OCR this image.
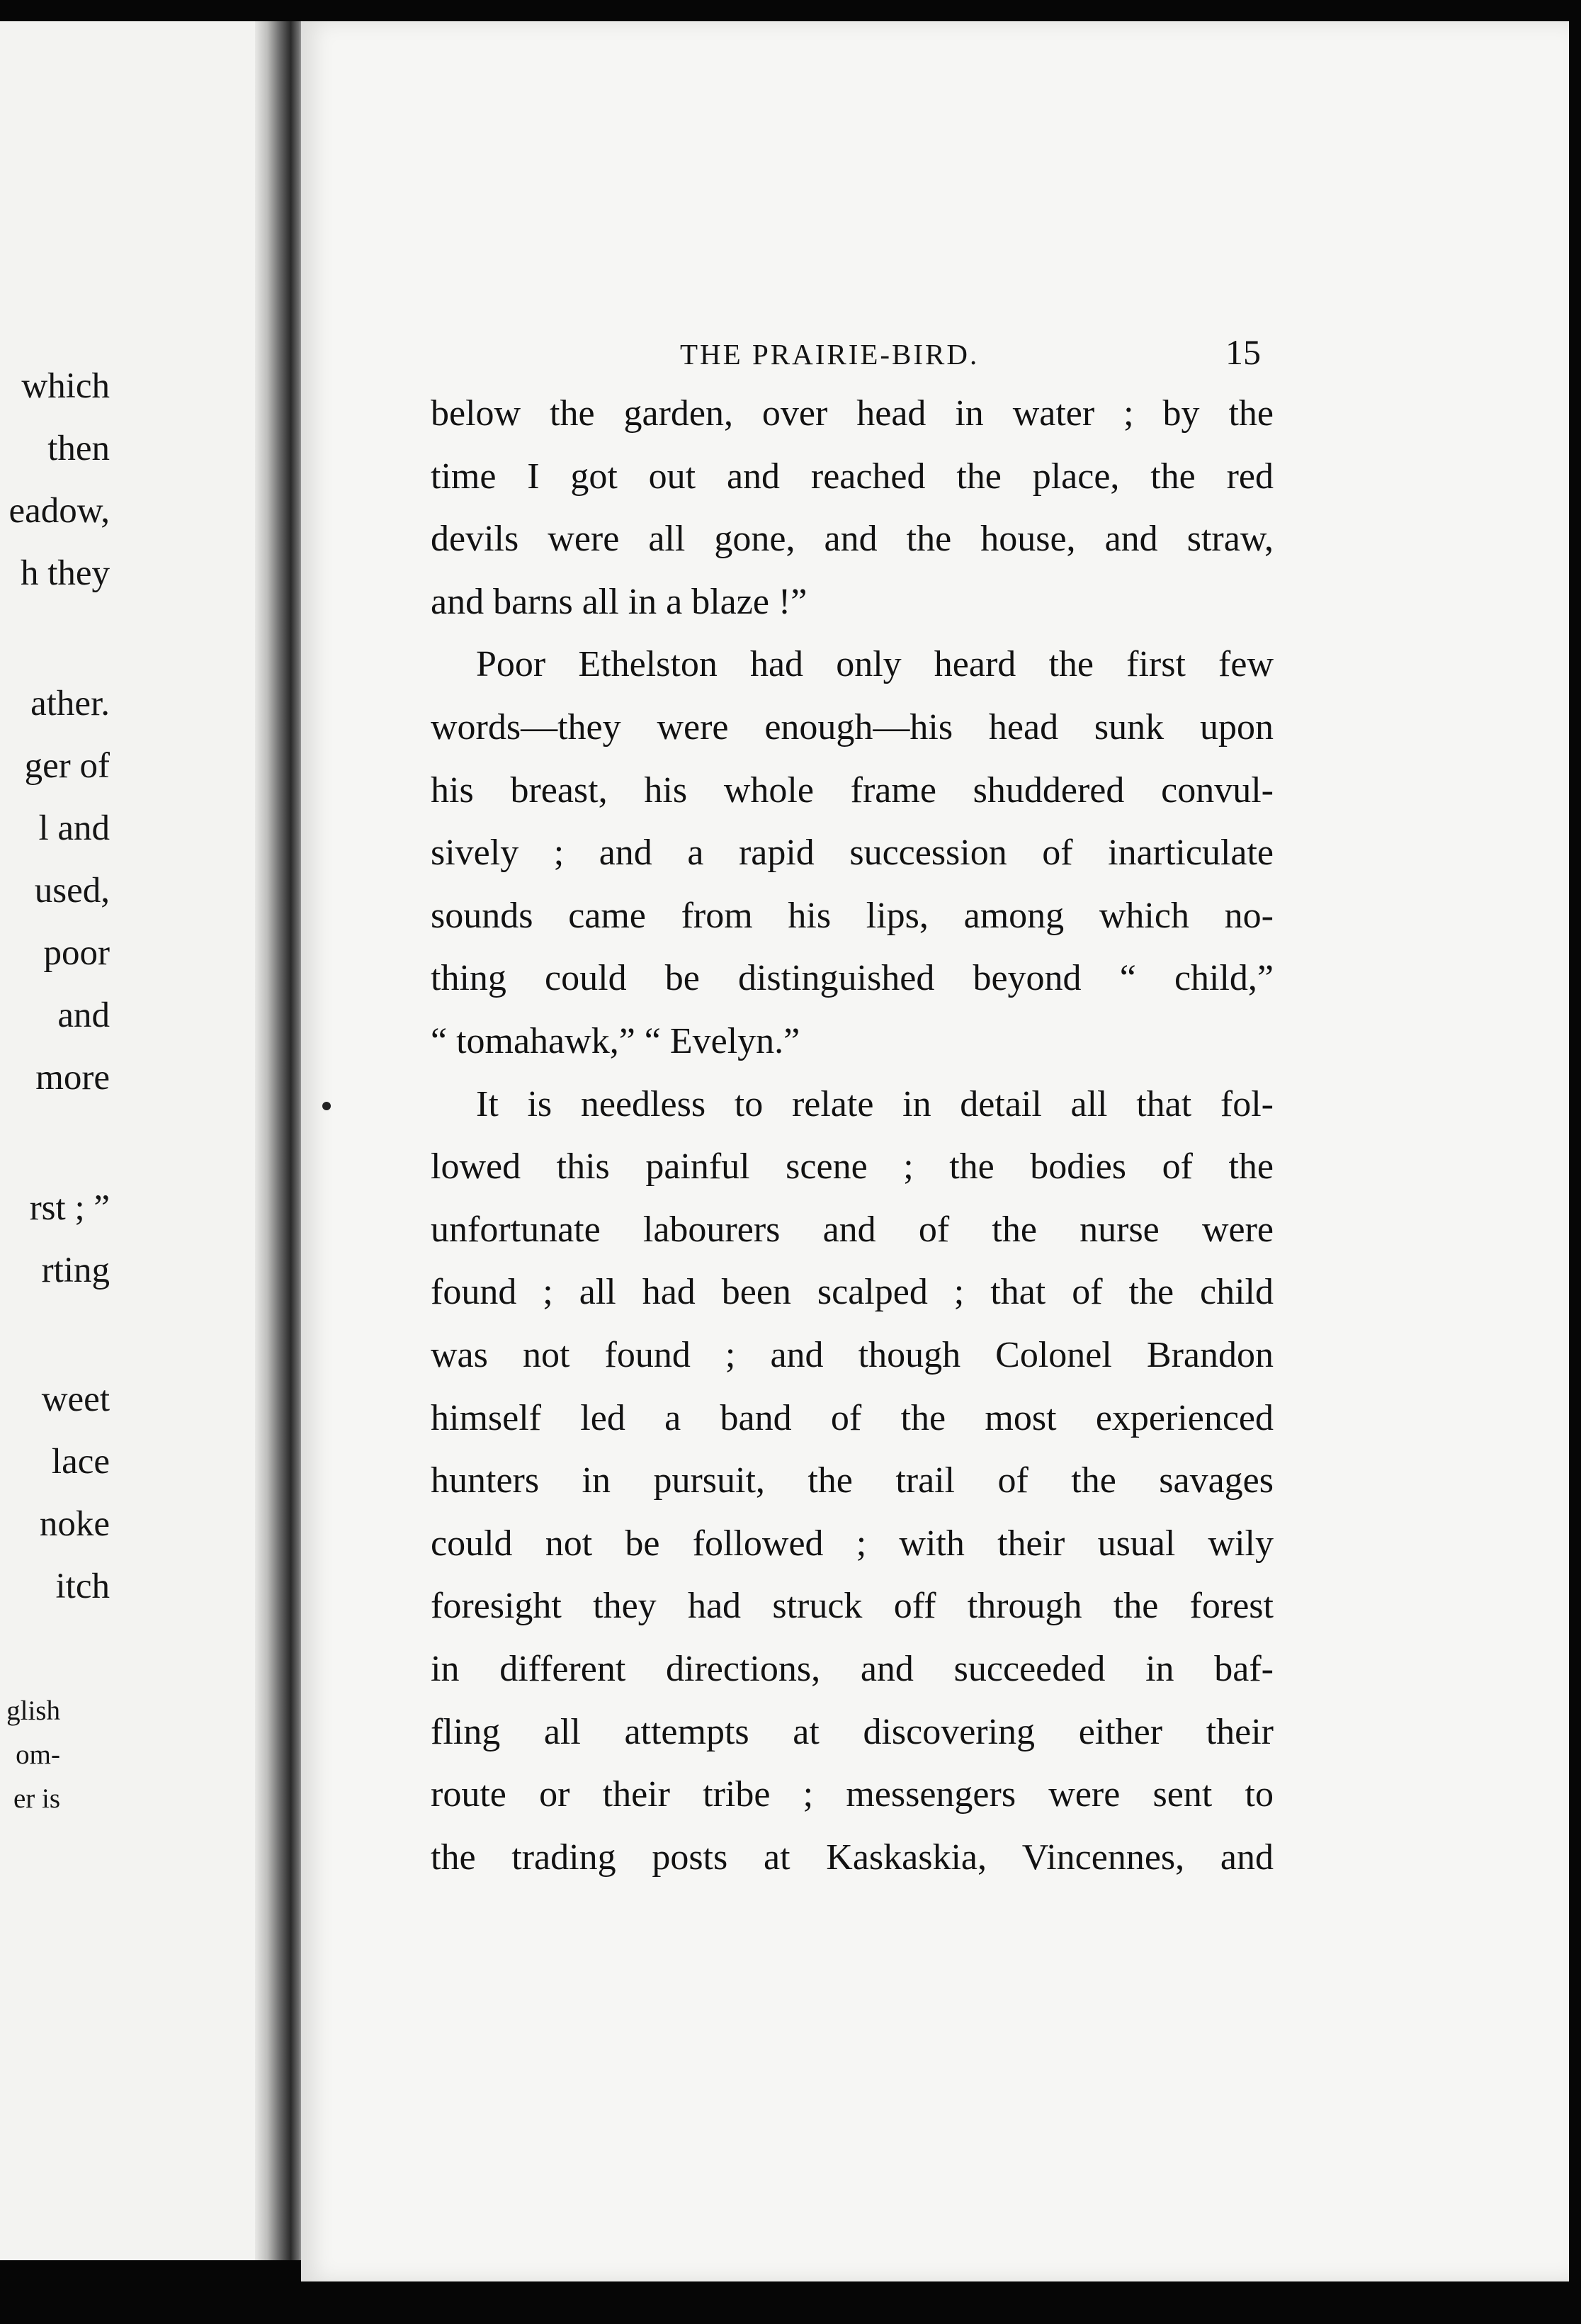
which
then
eadow,
h they
ather.
ger of
l and
used,
poor
and
more
rst ; ”
rting
weet
lace
noke
itch
glish
om-
er is
THE PRAIRIE-BIRD.	15
below the garden, over head in water ; by the
time I got out and reached the place, the red
devils were all gone, and the house, and straw,
and barns all in a blaze !”
Poor Ethelston had only heard the first few
words—they were enough—his head sunk upon
his breast, his whole frame shuddered convul-
sively ; and a rapid succession of inarticulate
sounds came from his lips, among which no-
thing could be distinguished beyond “ child,”
“ tomahawk,” “ Evelyn.”
It is needless to relate in detail all that fol-
lowed this painful scene ; the bodies of the
unfortunate labourers and of the nurse were
found ; all had been scalped ; that of the child
was not found ; and though Colonel Brandon
himself led a band of the most experienced
hunters in pursuit, the trail of the savages
could not be followed ; with their usual wily
foresight they had struck off through the forest
in different directions, and succeeded in baf-
fling all attempts at discovering either their
route or their tribe ; messengers were sent to
the trading posts at Kaskaskia, Vincennes, and
